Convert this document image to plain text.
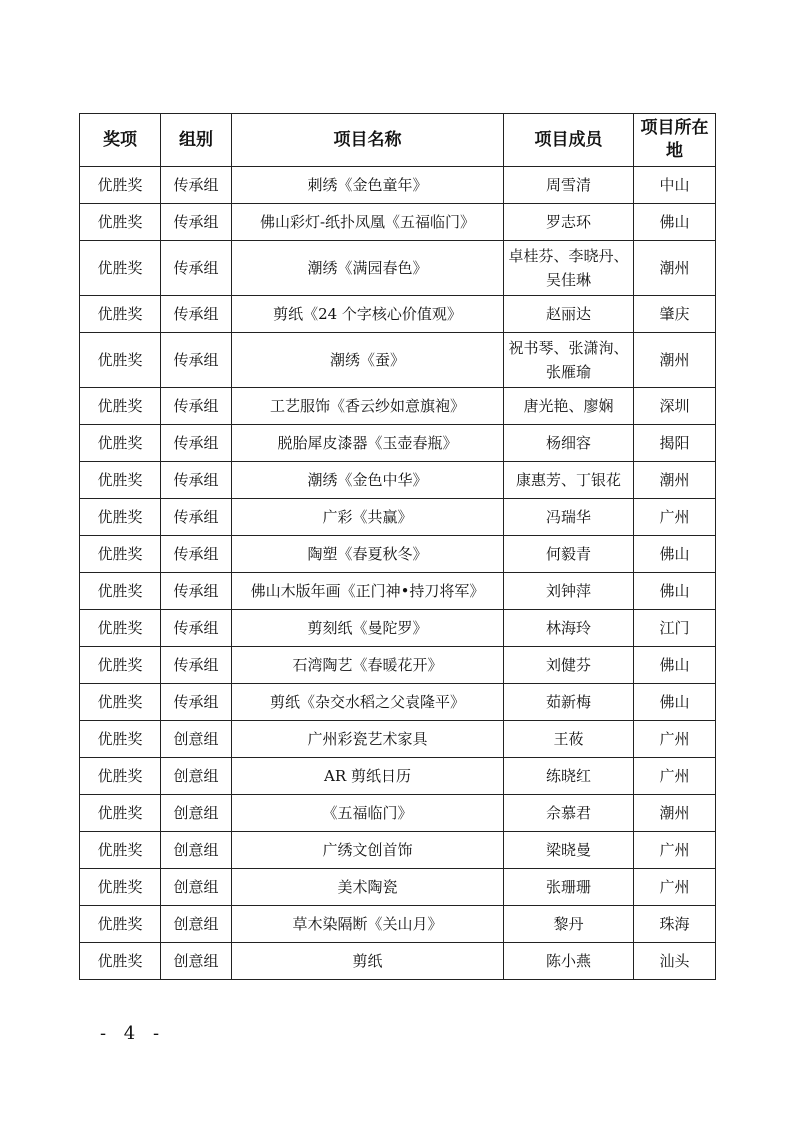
奖项	组别	项目名称	项目成员	项目所在地
优胜奖	传承组	刺绣《金色童年》	周雪清	中山
优胜奖	传承组	佛山彩灯-纸扑凤凰《五福临门》	罗志环	佛山
优胜奖	传承组	潮绣《满园春色》	卓桂芬、李晓丹、吴佳琳	潮州
优胜奖	传承组	剪纸《24 个字核心价值观》	赵丽达	肇庆
优胜奖	传承组	潮绣《蚕》	祝书琴、张潇洵、张雁瑜	潮州
优胜奖	传承组	工艺服饰《香云纱如意旗袍》	唐光艳、廖娴	深圳
优胜奖	传承组	脱胎犀皮漆器《玉壶春瓶》	杨细容	揭阳
优胜奖	传承组	潮绣《金色中华》	康惠芳、丁银花	潮州
优胜奖	传承组	广彩《共赢》	冯瑞华	广州
优胜奖	传承组	陶塑《春夏秋冬》	何毅青	佛山
优胜奖	传承组	佛山木版年画《正门神•持刀将军》	刘钟萍	佛山
优胜奖	传承组	剪刻纸《曼陀罗》	林海玲	江门
优胜奖	传承组	石湾陶艺《春暖花开》	刘健芬	佛山
优胜奖	传承组	剪纸《杂交水稻之父袁隆平》	茹新梅	佛山
优胜奖	创意组	广州彩瓷艺术家具	王莜	广州
优胜奖	创意组	AR 剪纸日历	练晓红	广州
优胜奖	创意组	《五福临门》	佘慕君	潮州
优胜奖	创意组	广绣文创首饰	梁晓曼	广州
优胜奖	创意组	美术陶瓷	张珊珊	广州
优胜奖	创意组	草木染隔断《关山月》	黎丹	珠海
优胜奖	创意组	剪纸	陈小燕	汕头
- 4 -
